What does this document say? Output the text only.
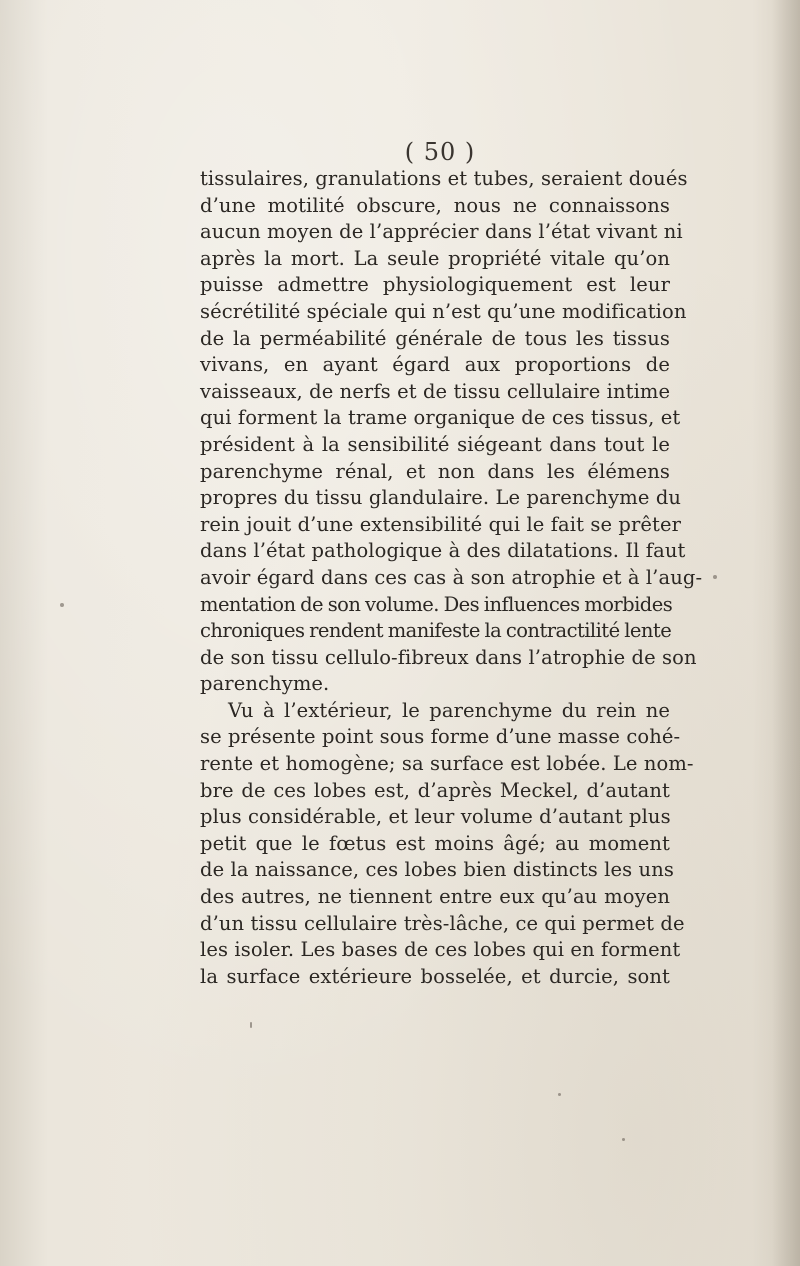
( 50 )
tissulaires, granulations et tubes, seraient doués
d’une motilité obscure, nous ne connaissons
aucun moyen de l’apprécier dans l’état vivant ni
après la mort. La seule propriété vitale qu’on
puisse admettre physiologiquement est leur
sécrétilité spéciale qui n’est qu’une modification
de la perméabilité générale de tous les tissus
vivans, en ayant égard aux proportions de
vaisseaux, de nerfs et de tissu cellulaire intime
qui forment la trame organique de ces tissus, et
président à la sensibilité siégeant dans tout le
parenchyme rénal, et non dans les élémens
propres du tissu glandulaire. Le parenchyme du
rein jouit d’une extensibilité qui le fait se prêter
dans l’état pathologique à des dilatations. Il faut
avoir égard dans ces cas à son atrophie et à l’aug-
mentation de son volume. Des influences morbides
chroniques rendent manifeste la contractilité lente
de son tissu cellulo-fibreux dans l’atrophie de son
parenchyme.
Vu à l’extérieur, le parenchyme du rein ne
se présente point sous forme d’une masse cohé-
rente et homogène; sa surface est lobée. Le nom-
bre de ces lobes est, d’après Meckel, d’autant
plus considérable, et leur volume d’autant plus
petit que le fœtus est moins âgé; au moment
de la naissance, ces lobes bien distincts les uns
des autres, ne tiennent entre eux qu’au moyen
d’un tissu cellulaire très-lâche, ce qui permet de
les isoler. Les bases de ces lobes qui en forment
la surface extérieure bosselée, et durcie, sont
